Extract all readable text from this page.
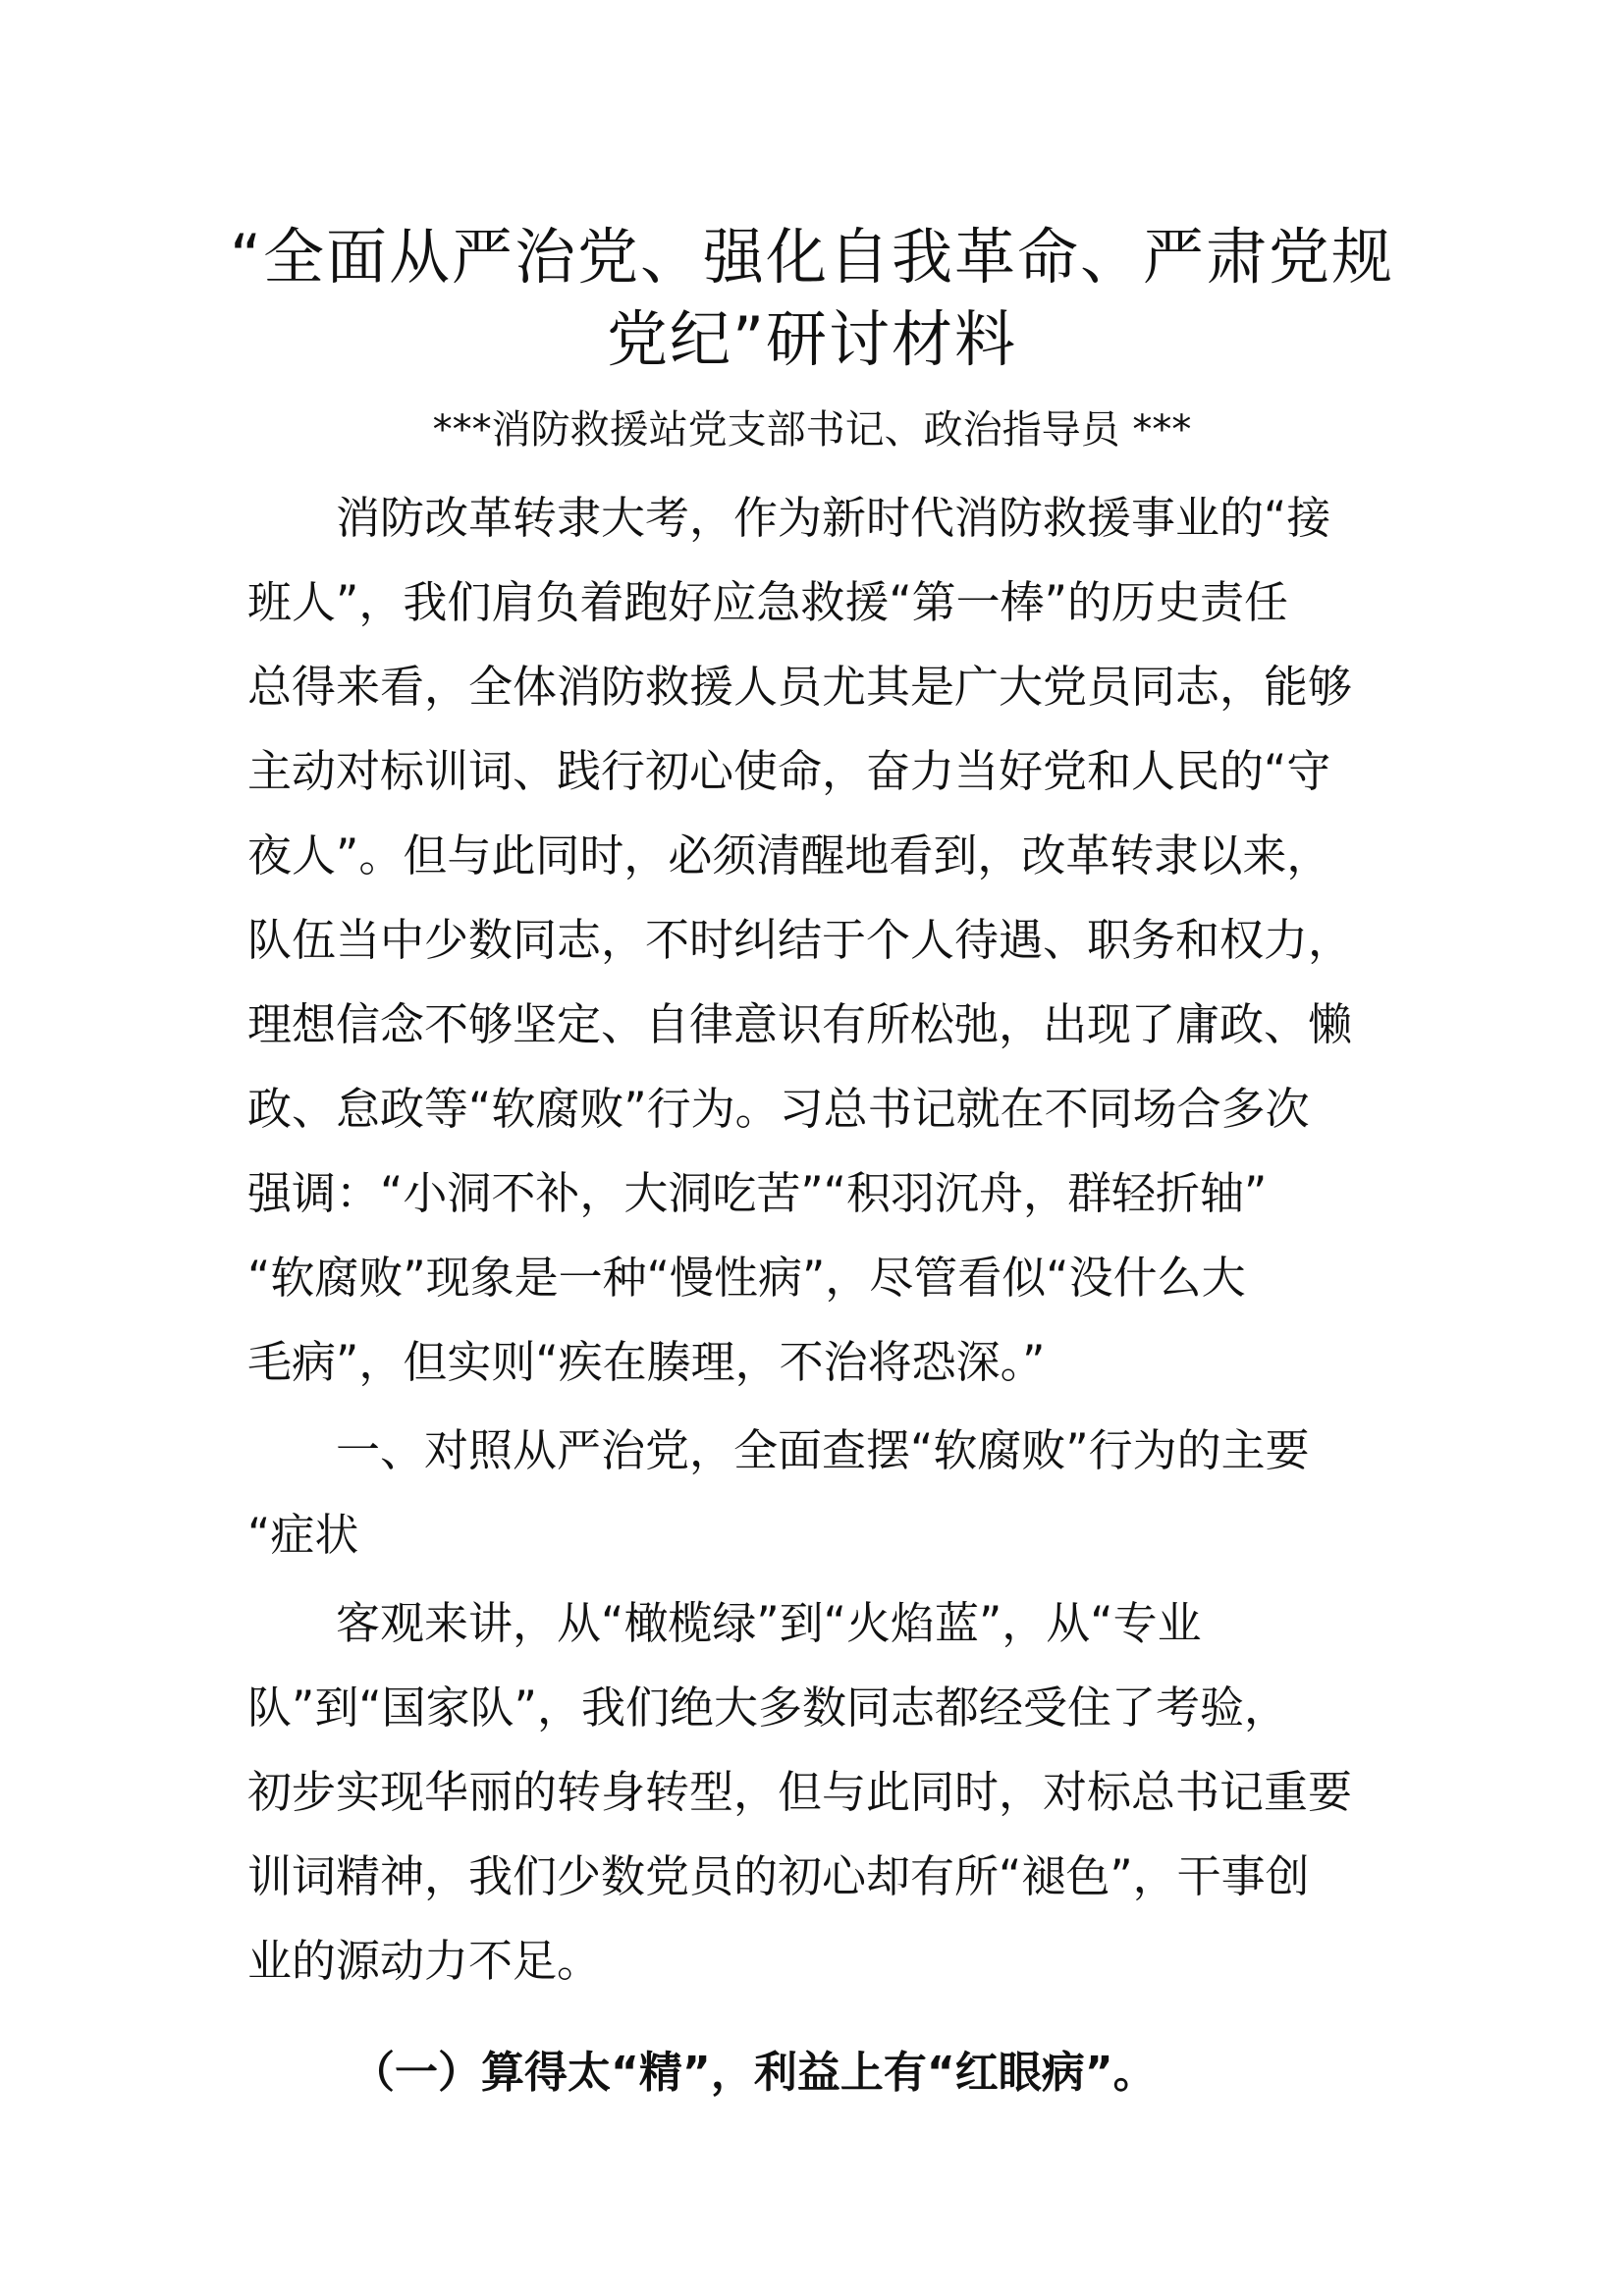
“全面从严治党、强化自我革命、严肃党规
党纪”研讨材料

***消防救援站党支部书记、政治指导员 ***

消防改革转隶大考，作为新时代消防救援事业的“接

班人”，我们肩负着跑好应急救援“第一棒”的历史责任

总得来看，全体消防救援人员尤其是广大党员同志，能够

主动对标训词、践行初心使命，奋力当好党和人民的“守

夜人”。但与此同时，必须清醒地看到，改革转隶以来，

队伍当中少数同志，不时纠结于个人待遇、职务和权力，

理想信念不够坚定、自律意识有所松弛，出现了庸政、懒

政、怠政等“软腐败”行为。习总书记就在不同场合多次

强调：“小洞不补，大洞吃苦”“积羽沉舟，群轻折轴”

“软腐败”现象是一种“慢性病”，尽管看似“没什么大

毛病”，但实则“疾在腠理，不治将恐深。”

一、对照从严治党，全面查摆“软腐败”行为的主要

“症状

客观来讲，从“橄榄绿”到“火焰蓝”，从“专业

队”到“国家队”，我们绝大多数同志都经受住了考验，

初步实现华丽的转身转型，但与此同时，对标总书记重要

训词精神，我们少数党员的初心却有所“褪色”，干事创

业的源动力不足。

（一）算得太“精”，利益上有“红眼病”。
